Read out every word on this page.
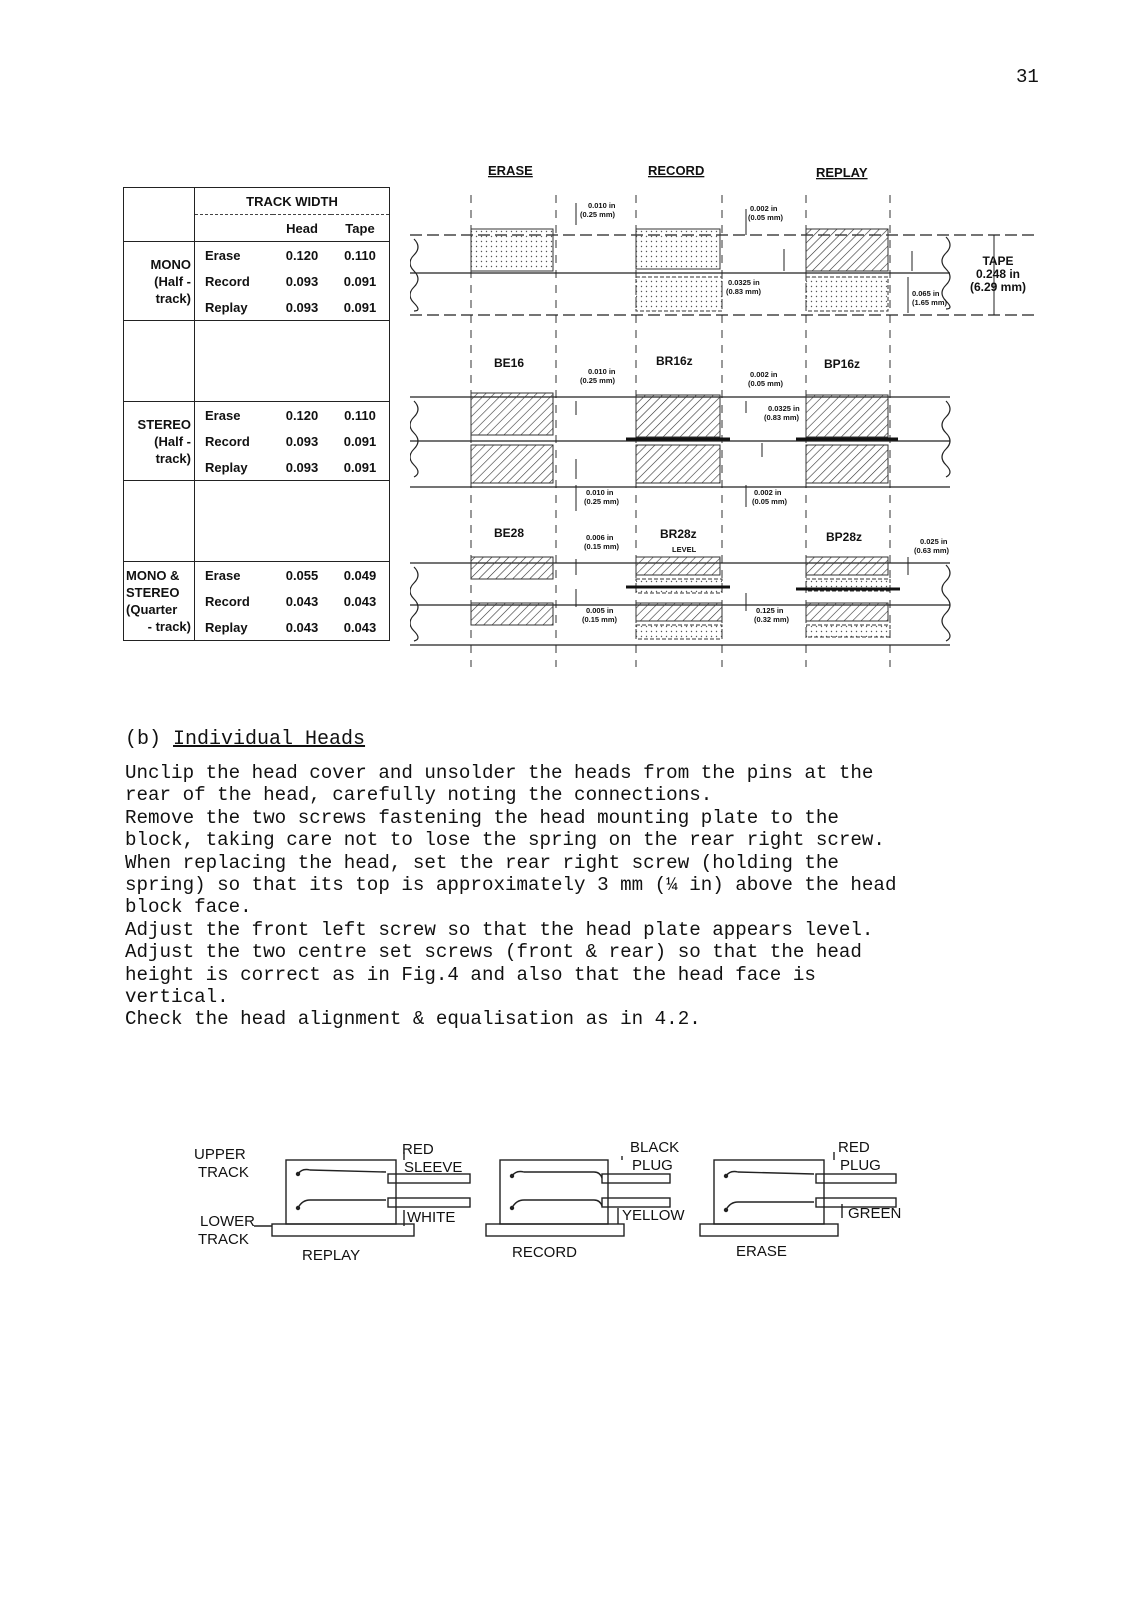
31
	TRACK WIDTH		
		Head	Tape

MONO
(Half -
track)	Erase	0.120	0.110
	Record	0.093	0.091
	Replay	0.093	0.091

STEREO
(Half -
track)	Erase	0.120	0.110
	Record	0.093	0.091
	Replay	0.093	0.091

MONO &
STEREO
(Quarter
- track)	Erase	0.055	0.049
	Record	0.043	0.043
	Replay	0.043	0.043
ERASE	RECORD	REPLAY
0.010 in
(0.25 mm)
0.002 in
(0.05 mm)
0.0325 in
(0.83 mm)	0.065 in
(1.65 mm)
TAPE
0.248 in
(6.29 mm)
BE16	BR16z	BP16z
0.010 in
(0.25 mm)
0.002 in
(0.05 mm)
0.0325 in
(0.83 mm)
0.010 in
(0.25 mm)
0.002 in
(0.05 mm)
BE28	BR28z	BP28z
LEVEL
0.006 in
(0.15 mm)
0.025 in
(0.63 mm)
0.005 in
(0.15 mm)
0.125 in
(0.32 mm)
(b) Individual Heads

Unclip the head cover and unsolder the heads from the pins at the

rear of the head, carefully noting the connections.

Remove the two screws fastening the head mounting plate to the

block, taking care not to lose the spring on the rear right screw.

When replacing the head, set the rear right screw (holding the

spring) so that its top is approximately 3 mm (¼ in) above the head

block face.

Adjust the front left screw so that the head plate appears level.

Adjust the two centre set screws (front & rear) so that the head

height is correct as in Fig.4 and also that the head face is

vertical.

Check the head alignment & equalisation as in 4.2.

UPPER
TRACK
LOWER
TRACK
RED
SLEEVE
WHITE
BLACK
PLUG
YELLOW
RED
PLUG
GREEN
REPLAY	RECORD	ERASE
